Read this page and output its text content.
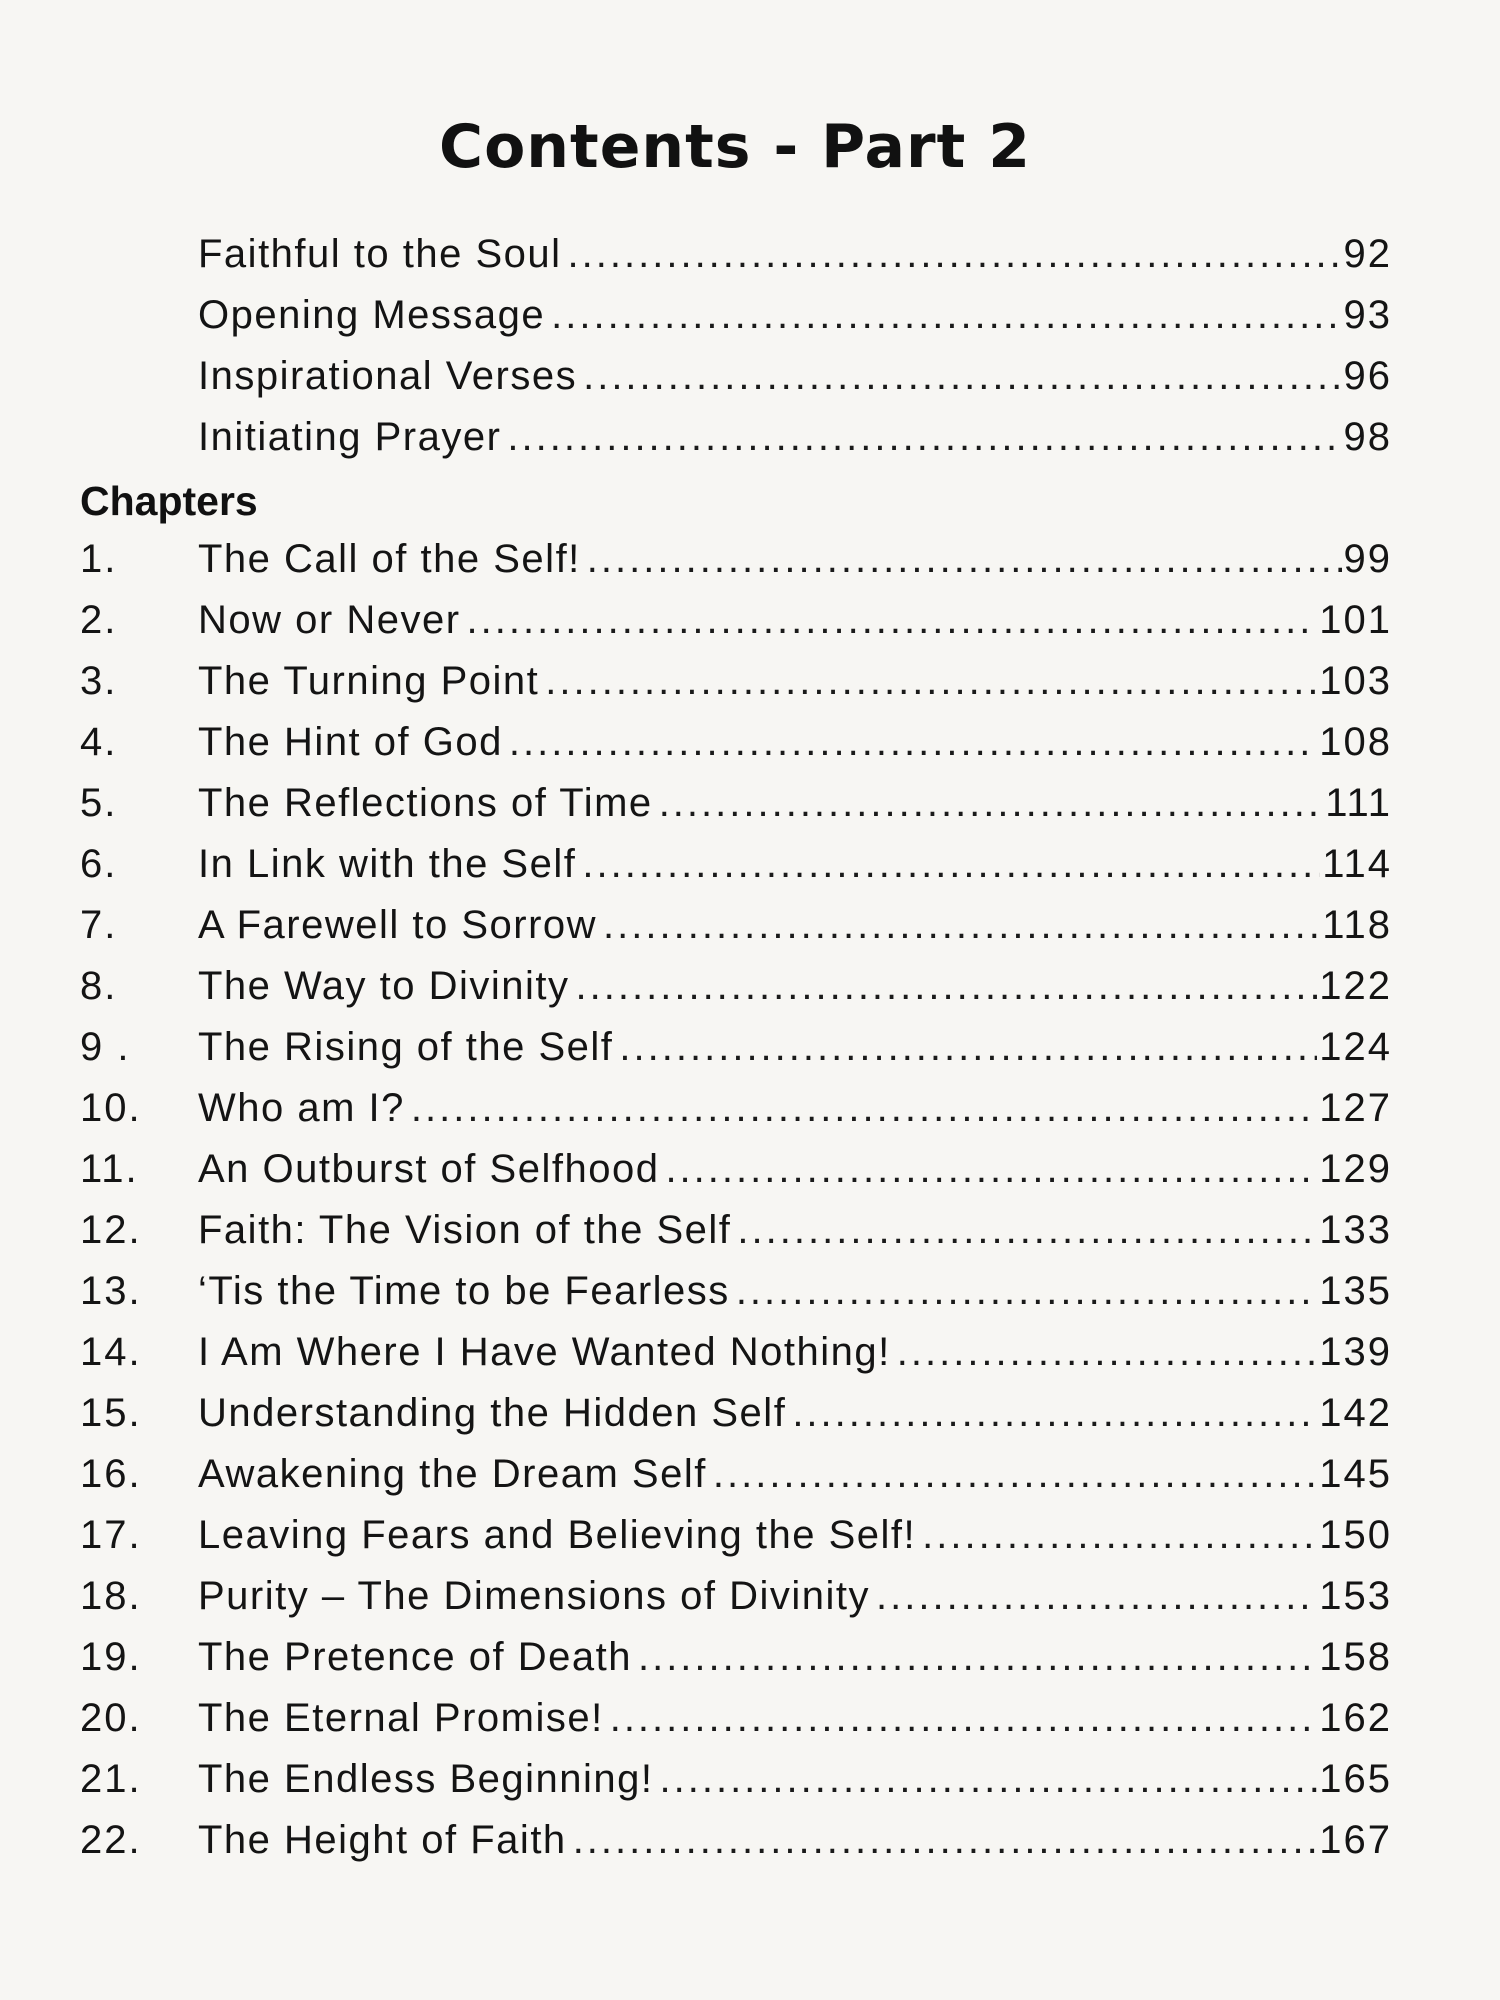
Contents - Part 2
Faithful to the Soul .....	92
Opening Message .....	93
Inspirational Verses .....	96
Initiating Prayer .....	98
Chapters
1.	The Call of the Self! .....	99
2.	Now or Never .....	101
3.	The Turning Point .....	103
4.	The Hint of God .....	108
5.	The Reflections of Time .....	111
6.	In Link with the Self .....	114
7.	A Farewell to Sorrow .....	118
8.	The Way to Divinity .....	122
9 .	The Rising of the Self .....	124
10.	Who am I? .....	127
11.	An Outburst of Selfhood .....	129
12.	Faith: The Vision of the Self .....	133
13.	‘Tis the Time to be Fearless .....	135
14.	I Am Where I Have Wanted Nothing! .....	139
15.	Understanding the Hidden Self .....	142
16.	Awakening the Dream Self .....	145
17.	Leaving Fears and Believing the Self! .....	150
18.	Purity – The Dimensions of Divinity .....	153
19.	The Pretence of Death .....	158
20.	The Eternal Promise! .....	162
21.	The Endless Beginning! .....	165
22.	The Height of Faith .....	167
